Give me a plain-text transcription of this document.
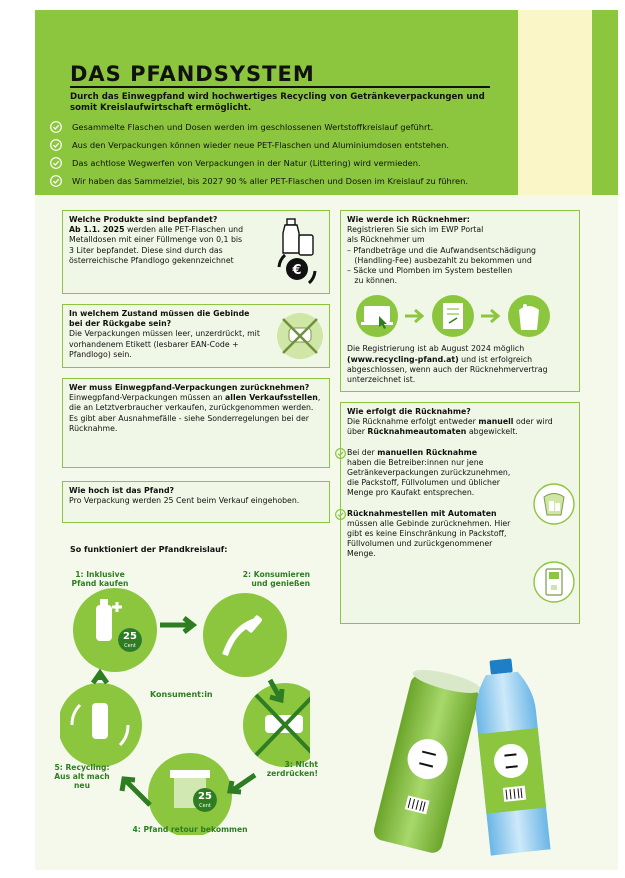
DAS PFANDSYSTEM
Durch das Einwegpfand wird hochwertiges Recycling von Getränkeverpackungen und somit Kreislaufwirtschaft ermöglicht.
Gesammelte Flaschen und Dosen werden im geschlossenen Wertstoffkreislauf geführt.
Aus den Verpackungen können wieder neue PET-Flaschen und Aluminiumdosen entstehen.
Das achtlose Wegwerfen von Verpackungen in der Natur (Littering) wird vermieden.
Wir haben das Sammelziel, bis 2027 90 % aller PET-Flaschen und Dosen im Kreislauf zu führen.

Welche Produkte sind bepfandet?

Ab 1.1. 2025 werden alle PET-Flaschen und Metalldosen mit einer Füllmenge von 0,1 bis 3 Liter bepfandet. Diese sind durch das österreichische Pfandlogo gekennzeichnet

€

In welchem Zustand müssen die Gebinde bei der Rückgabe sein?

Die Verpackungen müssen leer, unzerdrückt, mit vorhandenem Etikett (lesbarer EAN-Code + Pfandlogo) sein.

Wer muss Einwegpfand-Verpackungen zurücknehmen?

Einwegpfand-Verpackungen müssen an allen Verkaufsstellen, die an Letztverbraucher verkaufen, zurückgenommen werden. Es gibt aber Ausnahmefälle - siehe Sonderregelungen bei der Rücknahme.

Wie hoch ist das Pfand?

Pro Verpackung werden 25 Cent beim Verkauf eingehoben.

Wie werde ich Rücknehmer:

Registrieren Sie sich im EWP Portal

als Rücknehmer um

– Pfandbeträge und die Aufwandsentschädigung

(Handling-Fee) ausbezahlt zu bekommen und

– Säcke und Plomben im System bestellen

zu können.

Die Registrierung ist ab August 2024 möglich
(www.recycling-pfand.at) und ist erfolgreich abgeschlossen, wenn auch der Rücknehmervertrag unterzeichnet ist.

Wie erfolgt die Rücknahme?

Die Rücknahme erfolgt entweder manuell oder wird über Rücknahmeautomaten abgewickelt.

Bei der manuellen Rücknahme

haben die Betreiber:innen nur jene Getränkeverpackungen zurückzunehmen, die Packstoff, Füllvolumen und üblicher Menge pro Kaufakt entsprechen.

Rücknahmestellen mit Automaten

müssen alle Gebinde zurücknehmen. Hier gibt es keine Einschränkung in Packstoff, Füllvolumen und zurückgenommener Menge.

So funktioniert der Pfandkreislauf:
25
Cent
25
Cent
1: Inklusive Pfand kaufen
2: Konsumieren und genießen
3: Nicht zerdrücken!
4: Pfand retour bekommen
5: Recycling: Aus alt mach neu
Konsument:in
